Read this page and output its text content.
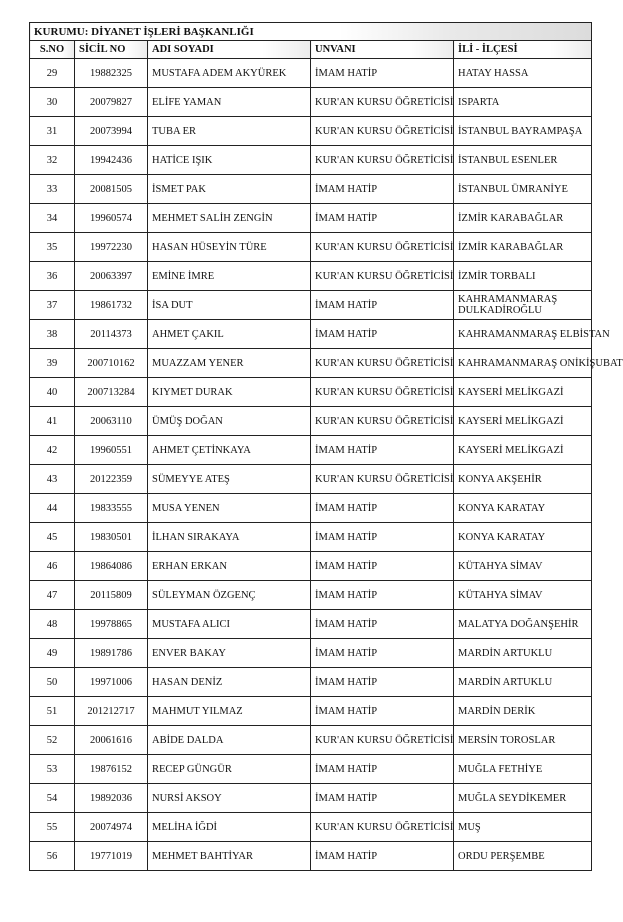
KURUMU: DİYANET İŞLERİ BAŞKANLIĞI				
S.NO	SİCİL NO	ADI SOYADI	UNVANI	İLİ - İLÇESİ
29	19882325	MUSTAFA ADEM AKYÜREK	İMAM HATİP	HATAY HASSA
30	20079827	ELİFE YAMAN	KUR'AN KURSU ÖĞRETİCİSİ	ISPARTA
31	20073994	TUBA ER	KUR'AN KURSU ÖĞRETİCİSİ	İSTANBUL BAYRAMPAŞA
32	19942436	HATİCE IŞIK	KUR'AN KURSU ÖĞRETİCİSİ	İSTANBUL ESENLER
33	20081505	İSMET PAK	İMAM HATİP	İSTANBUL ÜMRANİYE
34	19960574	MEHMET SALİH ZENGİN	İMAM HATİP	İZMİR KARABAĞLAR
35	19972230	HASAN HÜSEYİN TÜRE	KUR'AN KURSU ÖĞRETİCİSİ	İZMİR KARABAĞLAR
36	20063397	EMİNE İMRE	KUR'AN KURSU ÖĞRETİCİSİ	İZMİR TORBALI
37	19861732	İSA DUT	İMAM HATİP	KAHRAMANMARAŞ DULKADİROĞLU
38	20114373	AHMET ÇAKIL	İMAM HATİP	KAHRAMANMARAŞ ELBİSTAN
39	200710162	MUAZZAM YENER	KUR'AN KURSU ÖĞRETİCİSİ	KAHRAMANMARAŞ ONİKİŞUBAT
40	200713284	KIYMET DURAK	KUR'AN KURSU ÖĞRETİCİSİ	KAYSERİ MELİKGAZİ
41	20063110	ÜMÜŞ DOĞAN	KUR'AN KURSU ÖĞRETİCİSİ	KAYSERİ MELİKGAZİ
42	19960551	AHMET ÇETİNKAYA	İMAM HATİP	KAYSERİ MELİKGAZİ
43	20122359	SÜMEYYE ATEŞ	KUR'AN KURSU ÖĞRETİCİSİ	KONYA AKŞEHİR
44	19833555	MUSA YENEN	İMAM HATİP	KONYA KARATAY
45	19830501	İLHAN SIRAKAYA	İMAM HATİP	KONYA KARATAY
46	19864086	ERHAN ERKAN	İMAM HATİP	KÜTAHYA SİMAV
47	20115809	SÜLEYMAN ÖZGENÇ	İMAM HATİP	KÜTAHYA SİMAV
48	19978865	MUSTAFA ALICI	İMAM HATİP	MALATYA DOĞANŞEHİR
49	19891786	ENVER BAKAY	İMAM HATİP	MARDİN ARTUKLU
50	19971006	HASAN DENİZ	İMAM HATİP	MARDİN ARTUKLU
51	201212717	MAHMUT YILMAZ	İMAM HATİP	MARDİN DERİK
52	20061616	ABİDE DALDA	KUR'AN KURSU ÖĞRETİCİSİ	MERSİN TOROSLAR
53	19876152	RECEP GÜNGÜR	İMAM HATİP	MUĞLA FETHİYE
54	19892036	NURSİ AKSOY	İMAM HATİP	MUĞLA SEYDİKEMER
55	20074974	MELİHA İĞDİ	KUR'AN KURSU ÖĞRETİCİSİ	MUŞ
56	19771019	MEHMET BAHTİYAR	İMAM HATİP	ORDU PERŞEMBE
